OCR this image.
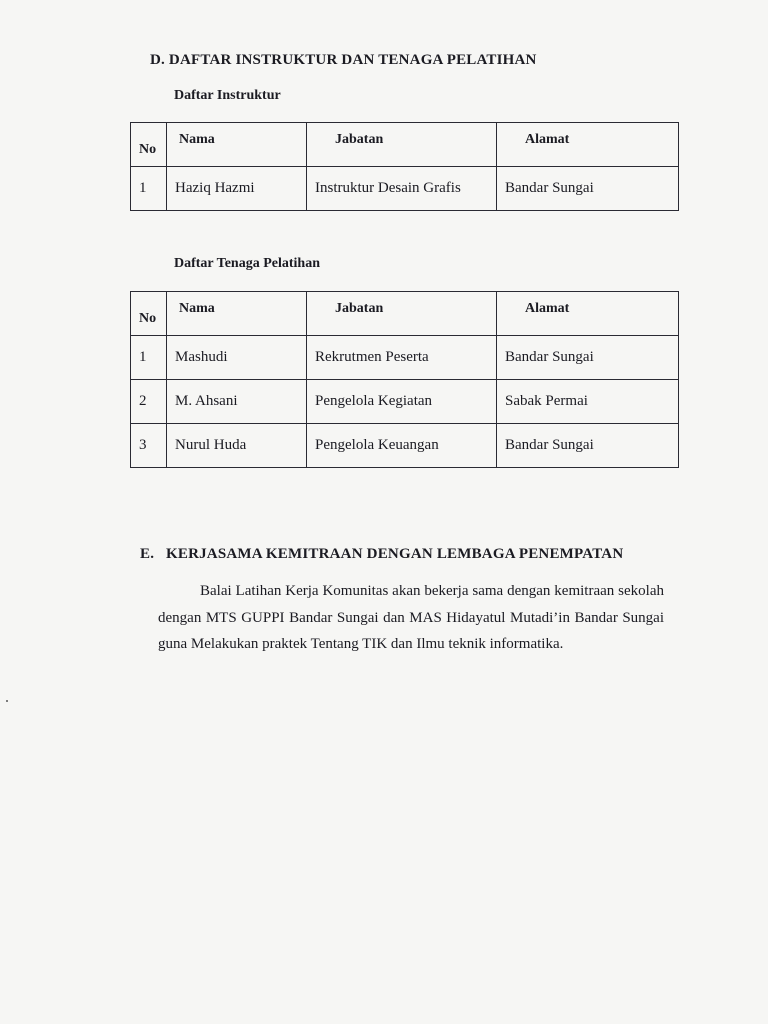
D. DAFTAR INSTRUKTUR DAN TENAGA PELATIHAN
Daftar Instruktur
No	Nama	Jabatan	Alamat
1	Haziq Hazmi	Instruktur Desain Grafis	Bandar Sungai
Daftar Tenaga Pelatihan
No	Nama	Jabatan	Alamat
1	Mashudi	Rekrutmen Peserta	Bandar Sungai
2	M. Ahsani	Pengelola Kegiatan	Sabak Permai
3	Nurul Huda	Pengelola Keuangan	Bandar Sungai
E.   KERJASAMA KEMITRAAN DENGAN LEMBAGA PENEMPATAN

Balai Latihan Kerja Komunitas akan bekerja sama dengan kemitraan sekolah dengan MTS GUPPI Bandar Sungai dan MAS Hidayatul Mutadi’in Bandar Sungai guna Melakukan praktek Tentang TIK dan Ilmu teknik informatika.
